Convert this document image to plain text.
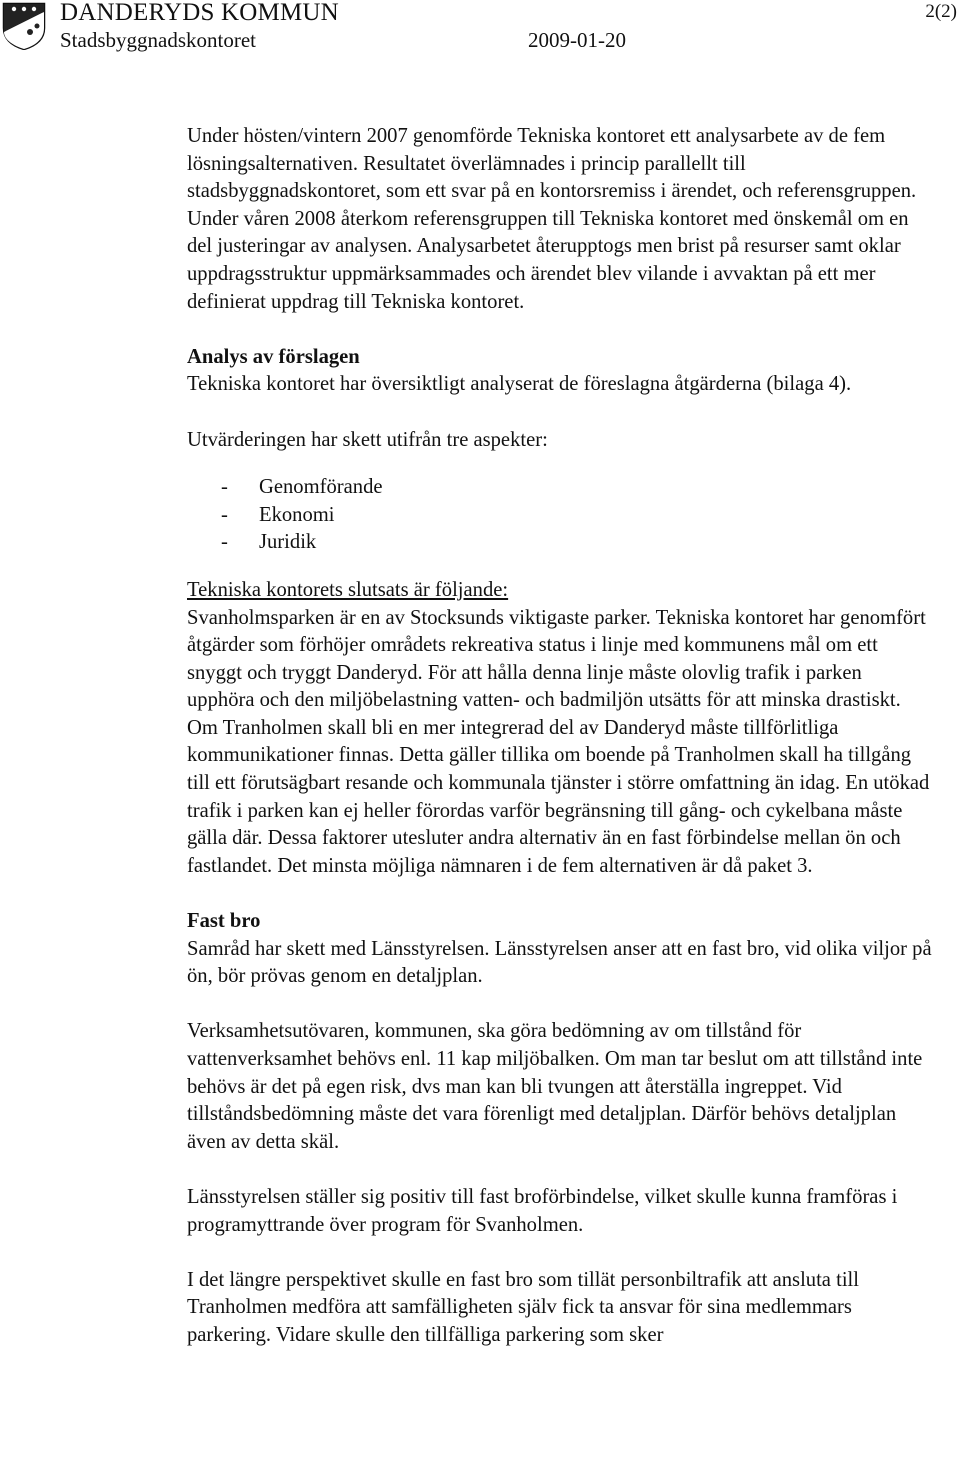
DANDERYDS KOMMUN
Stadsbyggnadskontoret	2009-01-20
2(2)

Under hösten/vintern 2007 genomförde Tekniska kontoret ett analysarbete av de fem lösningsalternativen. Resultatet överlämnades i princip parallellt till stadsbyggnadskontoret, som ett svar på en kontorsremiss i ärendet, och referensgruppen. Under våren 2008 återkom referensgruppen till Tekniska kontoret med önskemål om en del justeringar av analysen. Analysarbetet återupptogs men brist på resurser samt oklar uppdragsstruktur uppmärksammades och ärendet blev vilande i avvaktan på ett mer definierat uppdrag till Tekniska kontoret.

Analys av förslagen

Tekniska kontoret har översiktligt analyserat de föreslagna åtgärderna (bilaga 4).

Utvärderingen har skett utifrån tre aspekter:

- Genomförande
- Ekonomi
- Juridik

Tekniska kontorets slutsats är följande:

Svanholmsparken är en av Stocksunds viktigaste parker. Tekniska kontoret har genomfört åtgärder som förhöjer områdets rekreativa status i linje med kommunens mål om ett snyggt och tryggt Danderyd. För att hålla denna linje måste olovlig trafik i parken upphöra och den miljöbelastning vatten- och badmiljön utsätts för att minska drastiskt. Om Tranholmen skall bli en mer integrerad del av Danderyd måste tillförlitliga kommunikationer finnas. Detta gäller tillika om boende på Tranholmen skall ha tillgång till ett förutsägbart resande och kommunala tjänster i större omfattning än idag. En utökad trafik i parken kan ej heller förordas varför begränsning till gång- och cykelbana måste gälla där. Dessa faktorer utesluter andra alternativ än en fast förbindelse mellan ön och fastlandet. Det minsta möjliga nämnaren i de fem alternativen är då paket 3.

Fast bro

Samråd har skett med Länsstyrelsen. Länsstyrelsen anser att en fast bro, vid olika viljor på ön, bör prövas genom en detaljplan.

Verksamhetsutövaren, kommunen, ska göra bedömning av om tillstånd för vattenverksamhet behövs enl. 11 kap miljöbalken. Om man tar beslut om att tillstånd inte behövs är det på egen risk, dvs man kan bli tvungen att återställa ingreppet. Vid tillståndsbedömning måste det vara förenligt med detaljplan. Därför behövs detaljplan även av detta skäl.

Länsstyrelsen ställer sig positiv till fast broförbindelse, vilket skulle kunna framföras i programyttrande över program för Svanholmen.

I det längre perspektivet skulle en fast bro som tillät personbiltrafik att ansluta till Tranholmen medföra att samfälligheten själv fick ta ansvar för sina medlemmars parkering. Vidare skulle den tillfälliga parkering som sker
